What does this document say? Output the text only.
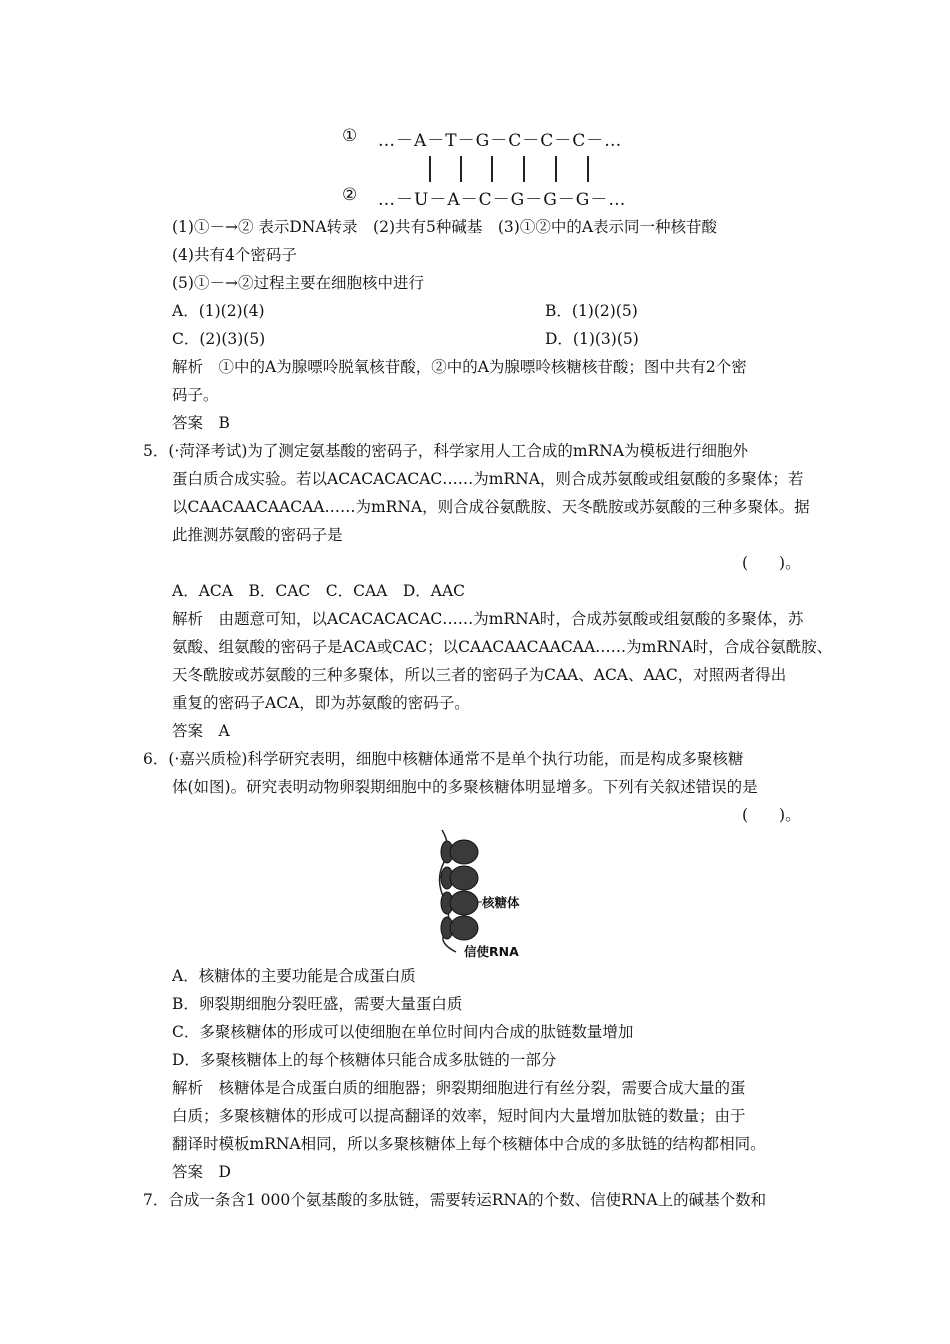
① …－A－T－G－C－C－C－…
② …－U－A－C－G－G－G－…
(1)①－→② 表示DNA转录　(2)共有5种碱基　(3)①②中的A表示同一种核苷酸
(4)共有4个密码子
(5)①－→②过程主要在细胞核中进行
A．(1)(2)(4)	B．(1)(2)(5)
C．(2)(3)(5)	D．(1)(3)(5)
解析　①中的A为腺嘌呤脱氧核苷酸，②中的A为腺嘌呤核糖核苷酸；图中共有2个密
码子。
答案　B
5．(·菏泽考试)为了测定氨基酸的密码子，科学家用人工合成的mRNA为模板进行细胞外
蛋白质合成实验。若以ACACACACAC……为mRNA，则合成苏氨酸或组氨酸的多聚体；若
以CAACAACAACAA……为mRNA，则合成谷氨酰胺、天冬酰胺或苏氨酸的三种多聚体。据
此推测苏氨酸的密码子是
(　　)。
A．ACA　B．CAC　C．CAA　D．AAC
解析　由题意可知，以ACACACACAC……为mRNA时，合成苏氨酸或组氨酸的多聚体，苏
氨酸、组氨酸的密码子是ACA或CAC；以CAACAACAACAA……为mRNA时，合成谷氨酰胺、
天冬酰胺或苏氨酸的三种多聚体，所以三者的密码子为CAA、ACA、AAC，对照两者得出
重复的密码子ACA，即为苏氨酸的密码子。
答案　A
6．(·嘉兴质检)科学研究表明，细胞中核糖体通常不是单个执行功能，而是构成多聚核糖
体(如图)。研究表明动物卵裂期细胞中的多聚核糖体明显增多。下列有关叙述错误的是
(　　)。
核糖体
信使RNA
A．核糖体的主要功能是合成蛋白质
B．卵裂期细胞分裂旺盛，需要大量蛋白质
C．多聚核糖体的形成可以使细胞在单位时间内合成的肽链数量增加
D．多聚核糖体上的每个核糖体只能合成多肽链的一部分
解析　核糖体是合成蛋白质的细胞器；卵裂期细胞进行有丝分裂，需要合成大量的蛋
白质；多聚核糖体的形成可以提高翻译的效率，短时间内大量增加肽链的数量；由于
翻译时模板mRNA相同，所以多聚核糖体上每个核糖体中合成的多肽链的结构都相同。
答案　D
7．合成一条含1 000个氨基酸的多肽链，需要转运RNA的个数、信使RNA上的碱基个数和
